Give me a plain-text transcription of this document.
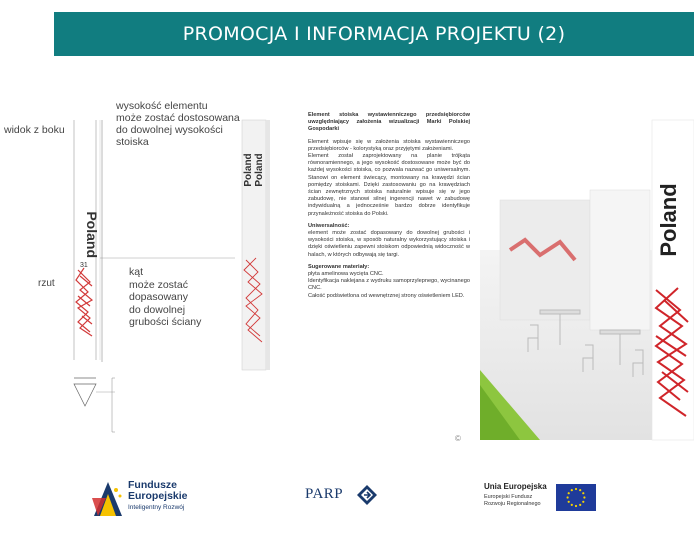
PROMOCJA I INFORMACJA PROJEKTU (2)
Poland
Poland Poland
widok z boku
wysokość elementu
może zostać dostosowana
do dowolnej wysokości
stoiska
31
rzut
kąt
może zostać
dopasowany
do dowolnej
grubości ściany

Element stoiska wystawienniczego przedsiębiorców uwzględniający założenia wizualizacji Marki Polskiej Gospodarki

Element wpisuje się w założenia stoiska wystawienniczego przedsiębiorców - kolorystyką oraz przyjętymi założeniami.

Element został zaprojektowany na planie trójkąta równoramiennego, a jego wysokość dostosowane może być do każdej wysokości stoiska, co pozwala nazwać go uniwersalnym. Stanowi on element świecący, montowany na krawędzi ścian pomiędzy stoiskami. Dzięki zastosowaniu go na krawędziach ścian zewnętrznych stoiska naturalnie wpisuje się w jego zabudowę, nie stanowi silnej ingerencji nawet w zabudowę indywidualną a jednocześnie bardzo dobrze identyfikuje przynależność stoiska do Polski.

Uniwersalność:

element może zostać dopasowany do dowolnej grubości i wysokości stoiska, w sposób naturalny wykorzystujący stoiska i dzięki oświetleniu zapewni stoiskom odpowiednią widoczność w halach, w których odbywają się targi.

Sugerowane materiały:

płyta amelinowa wycięta CNC.

Identyfikacja naklejana z wydruku samoprzylepnego, wycinanego CNC.

Całość podświetlona od wewnętrznej strony oświetleniem LED.

Poland
©
Fundusze
Europejskie
Inteligentny Rozwój
PARP	Unia Europejska
Europejski Fundusz
Rozwoju Regionalnego
